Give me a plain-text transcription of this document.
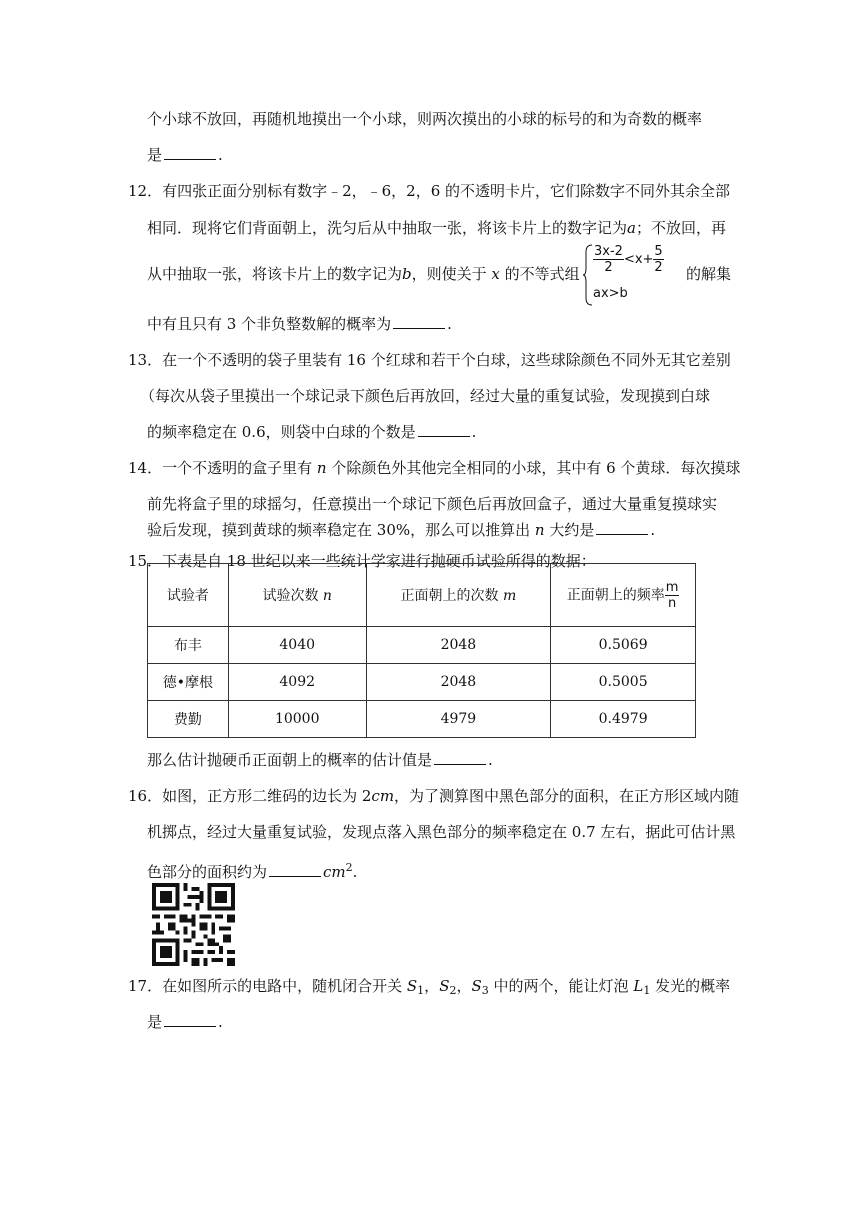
个小球不放回，再随机地摸出一个小球，则两次摸出的小球的标号的和为奇数的概率
是	.
12．有四张正面分别标有数字﹣2，﹣6，2，6 的不透明卡片，它们除数字不同外其余全部
相同．现将它们背面朝上，洗匀后从中抽取一张，将该卡片上的数字记为a；不放回，再
从中抽取一张，将该卡片上的数字记为b，则使关于 x 的不等式组 $\frac{3x-2}{2} <x+ \frac{5}{2}$
ax>b
的解集
中有且只有 3 个非负整数解的概率为	.
13．在一个不透明的袋子里装有 16 个红球和若干个白球，这些球除颜色不同外无其它差别
（每次从袋子里摸出一个球记录下颜色后再放回，经过大量的重复试验，发现摸到白球
的频率稳定在 0.6，则袋中白球的个数是	.
14．一个不透明的盒子里有 n 个除颜色外其他完全相同的小球，其中有 6 个黄球．每次摸球
前先将盒子里的球摇匀，任意摸出一个球记下颜色后再放回盒子，通过大量重复摸球实
验后发现，摸到黄球的频率稳定在 30%，那么可以推算出 n 大约是	.
15．下表是自 18 世纪以来一些统计学家进行抛硬币试验所得的数据：
试验者	试验次数 n	正面朝上的次数 m	正面朝上的频率 $\frac{m}{n}$

布丰	4040	2048	0.5069
德•摩根	4092	2048	0.5005
费勤	10000	4979	0.4979
那么估计抛硬币正面朝上的概率的估计值是	.
16．如图，正方形二维码的边长为 2cm，为了测算图中黑色部分的面积，在正方形区域内随
机掷点，经过大量重复试验，发现点落入黑色部分的频率稳定在 0.7 左右，据此可估计黑
色部分的面积约为	$cm^2$.
17．在如图所示的电路中，随机闭合开关 $S_1$，$S_2$，$S_3$ 中的两个，能让灯泡 $L_1$ 发光的概率
是	.
